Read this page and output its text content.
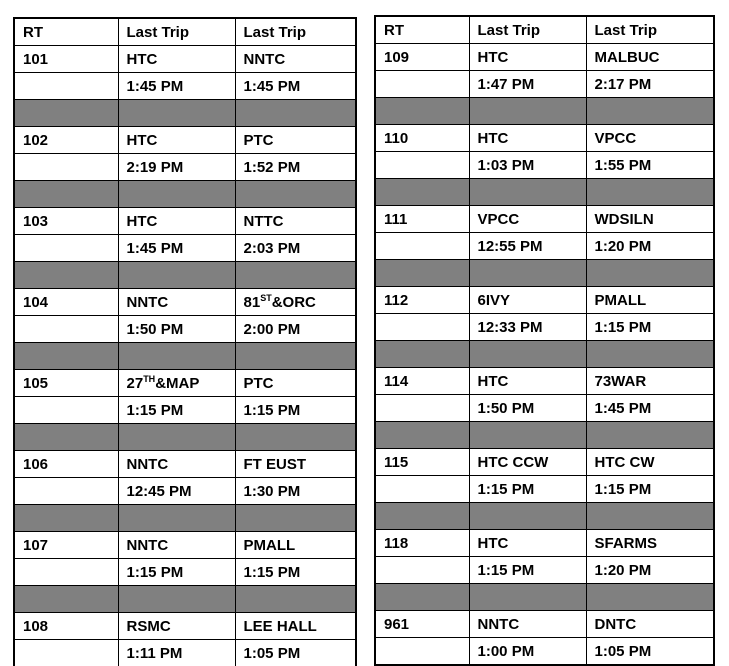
RT	Last Trip	Last Trip
101	HTC	NNTC
	1:45 PM	1:45 PM

102	HTC	PTC
	2:19 PM	1:52 PM

103	HTC	NTTC
	1:45 PM	2:03 PM

104	NNTC	81ST&ORC
	1:50 PM	2:00 PM

105	27TH&MAP	PTC
	1:15 PM	1:15 PM

106	NNTC	FT EUST
	12:45 PM	1:30 PM

107	NNTC	PMALL
	1:15 PM	1:15 PM

108	RSMC	LEE HALL
	1:11 PM	1:05 PM
RT	Last Trip	Last Trip
109	HTC	MALBUC
	1:47 PM	2:17 PM

110	HTC	VPCC
	1:03 PM	1:55 PM

111	VPCC	WDSILN
	12:55 PM	1:20 PM

112	6IVY	PMALL
	12:33 PM	1:15 PM

114	HTC	73WAR
	1:50 PM	1:45 PM

115	HTC CCW	HTC CW
	1:15 PM	1:15 PM

118	HTC	SFARMS
	1:15 PM	1:20 PM

961	NNTC	DNTC
	1:00 PM	1:05 PM
